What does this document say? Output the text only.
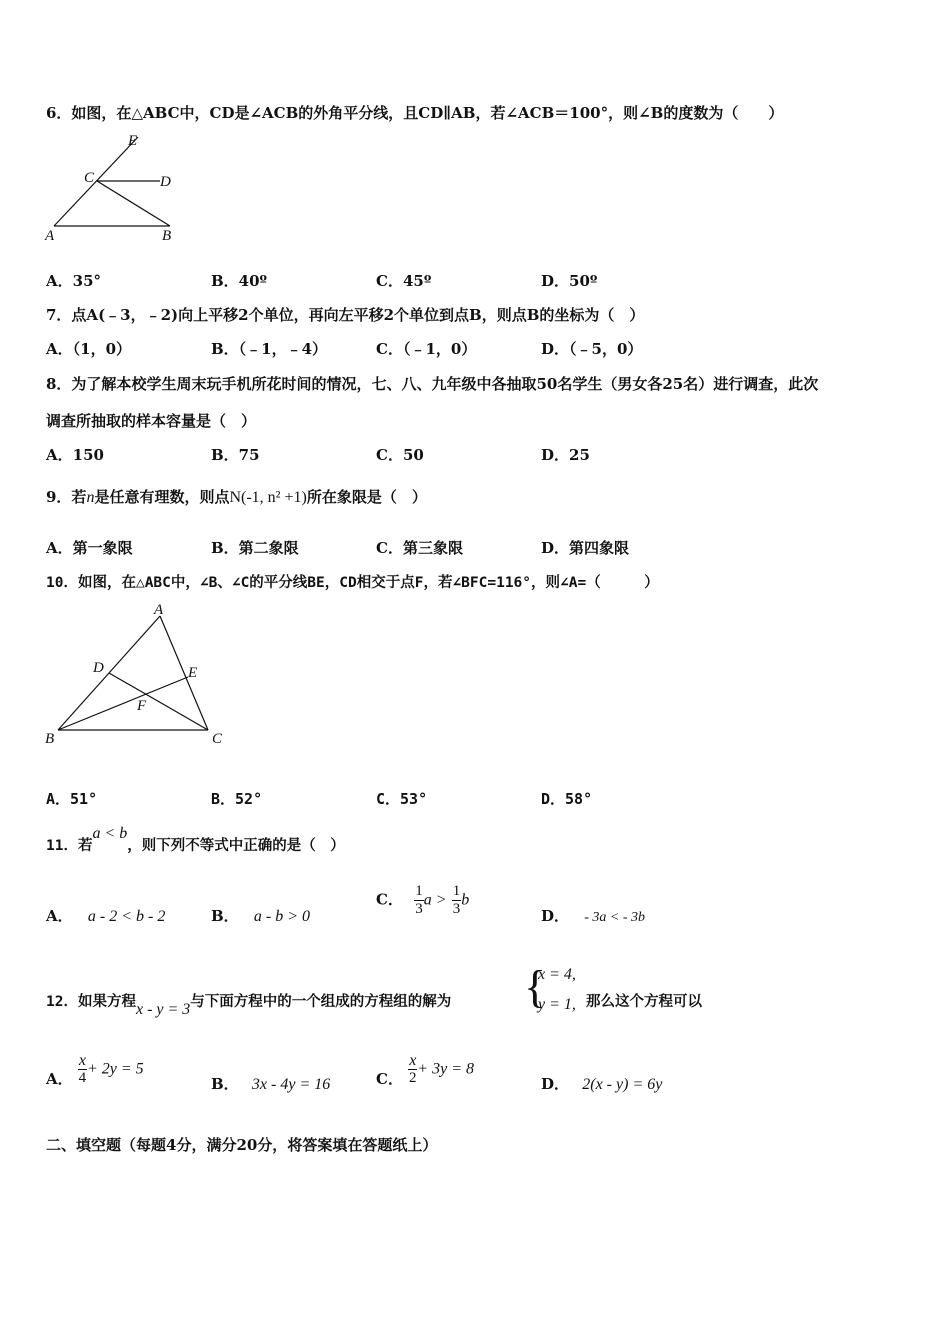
6．如图，在△ABC中，CD是∠ACB的外角平分线，且CD∥AB，若∠ACB＝100°，则∠B的度数为（　　）
E
C	D
A	B
A．35°	B．40º	C．45º	D．50º
7．点A(﹣3，﹣2)向上平移2个单位，再向左平移2个单位到点B，则点B的坐标为（　）
A．（1，0）	B．（﹣1，﹣4）	C．（﹣1，0）	D．（﹣5，0）
8．为了解本校学生周末玩手机所花时间的情况，七、八、九年级中各抽取50名学生（男女各25名）进行调查，此次
调查所抽取的样本容量是（　）
A．150	B．75	C．50	D．25
9．若n是任意有理数，则点N(-1, n² +1)所在象限是（　）
A．第一象限	B．第二象限	C．第三象限	D．第四象限
10．如图，在△ABC中，∠B、∠C的平分线BE，CD相交于点F，若∠BFC=116°，则∠A=（　　　）
A
D	E
F
B	C
A．51°	B．52°	C．53°	D．58°
11．若a < b，则下列不等式中正确的是（　）
A． a - 2 < b - 2	B． a - b > 0
C． $\frac{1}{3}$ $a > \frac{1}{3}$ b
D． - 3a < - 3b
12．如果方程x - y = 3与下面方程中的一个组成的方程组的解为 {
x = 4,
y = 1, 那么这个方程可以
A． $\frac{x}{4} + 2y = 5$
B． 3x - 4y = 16	C． $\frac{x}{2} + 3y = 8$
D． 2(x - y) = 6y
二、填空题（每题4分，满分20分，将答案填在答题纸上）
